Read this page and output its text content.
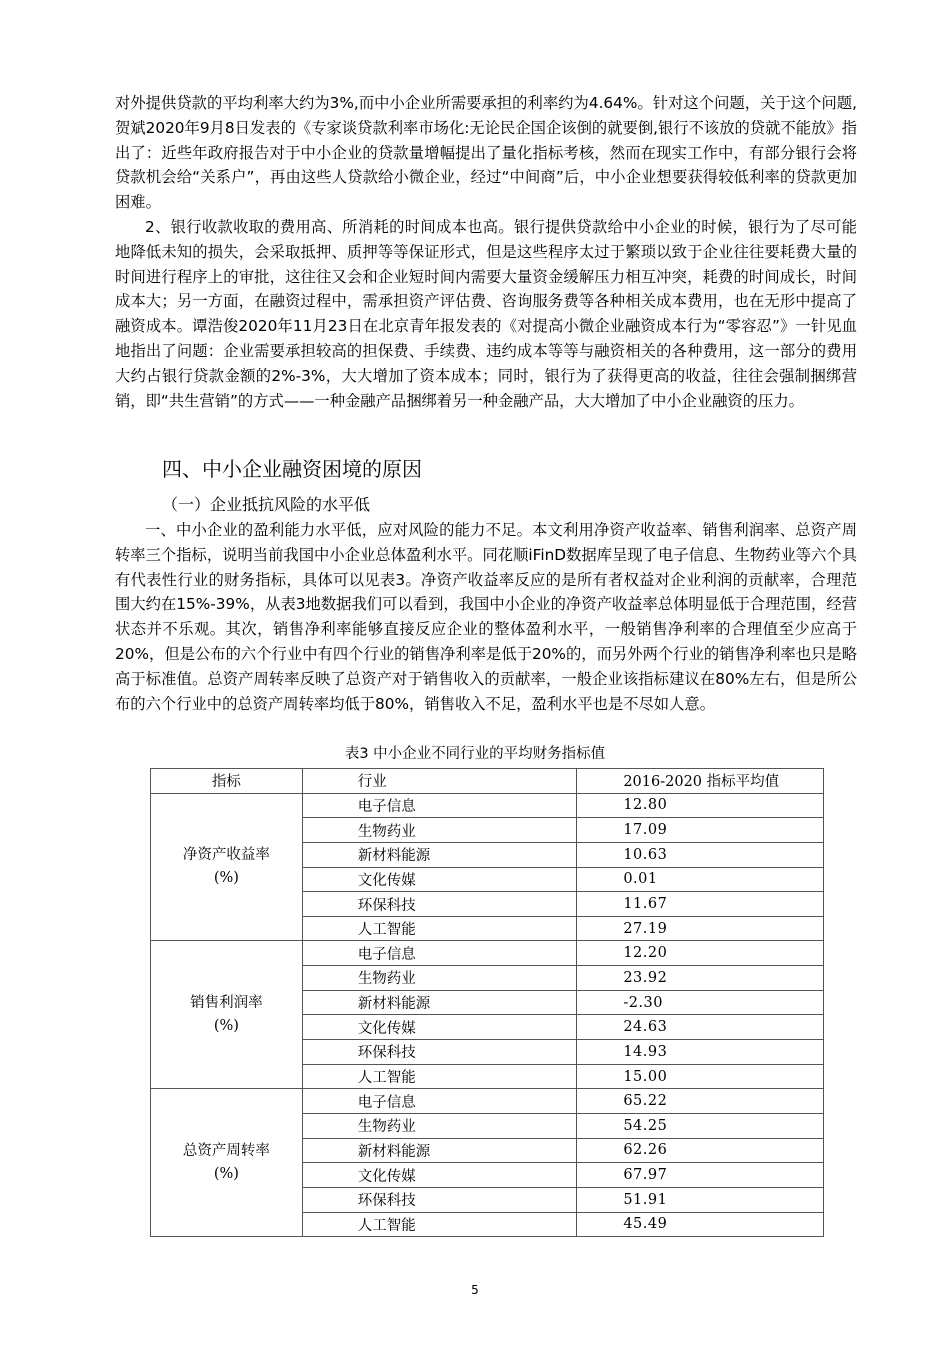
对外提供贷款的平均利率大约为3%,而中小企业所需要承担的利率约为4.64%。针对这个问题，关于这个问题,贺斌2020年9月8日发表的《专家谈贷款利率市场化:无论民企国企该倒的就要倒,银行不该放的贷就不能放》指出了：近些年政府报告对于中小企业的贷款量增幅提出了量化指标考核，然而在现实工作中，有部分银行会将贷款机会给“关系户”，再由这些人贷款给小微企业，经过“中间商”后，中小企业想要获得较低利率的贷款更加困难。

2、银行收款收取的费用高、所消耗的时间成本也高。银行提供贷款给中小企业的时候，银行为了尽可能地降低未知的损失，会采取抵押、质押等等保证形式，但是这些程序太过于繁琐以致于企业往往要耗费大量的时间进行程序上的审批，这往往又会和企业短时间内需要大量资金缓解压力相互冲突，耗费的时间成长，时间成本大；另一方面，在融资过程中，需承担资产评估费、咨询服务费等各种相关成本费用，也在无形中提高了融资成本。谭浩俊2020年11月23日在北京青年报发表的《对提高小微企业融资成本行为“零容忍”》一针见血地指出了问题：企业需要承担较高的担保费、手续费、违约成本等等与融资相关的各种费用，这一部分的费用大约占银行贷款金额的2%-3%，大大增加了资本成本；同时，银行为了获得更高的收益，往往会强制捆绑营销，即“共生营销”的方式——一种金融产品捆绑着另一种金融产品，大大增加了中小企业融资的压力。

四、中小企业融资困境的原因
（一）企业抵抗风险的水平低

一、中小企业的盈利能力水平低，应对风险的能力不足。本文利用净资产收益率、销售利润率、总资产周转率三个指标，说明当前我国中小企业总体盈利水平。同花顺iFinD数据库呈现了电子信息、生物药业等六个具有代表性行业的财务指标，具体可以见表3。净资产收益率反应的是所有者权益对企业利润的贡献率，合理范围大约在15%-39%，从表3地数据我们可以看到，我国中小企业的净资产收益率总体明显低于合理范围，经营状态并不乐观。其次，销售净利率能够直接反应企业的整体盈利水平，一般销售净利率的合理值至少应高于20%，但是公布的六个行业中有四个行业的销售净利率是低于20%的，而另外两个行业的销售净利率也只是略高于标准值。总资产周转率反映了总资产对于销售收入的贡献率，一般企业该指标建议在80%左右，但是所公布的六个行业中的总资产周转率均低于80%，销售收入不足，盈利水平也是不尽如人意。

表3 中小企业不同行业的平均财务指标值
指标	行业	2016-2020 指标平均值

净资产收益率
(%)	电子信息	12.80
	生物药业	17.09
	新材料能源	10.63
	文化传媒	0.01
	环保科技	11.67
	人工智能	27.19

销售利润率
(%)	电子信息	12.20
	生物药业	23.92
	新材料能源	-2.30
	文化传媒	24.63
	环保科技	14.93
	人工智能	15.00

总资产周转率
(%)	电子信息	65.22
	生物药业	54.25
	新材料能源	62.26
	文化传媒	67.97
	环保科技	51.91
	人工智能	45.49
5
